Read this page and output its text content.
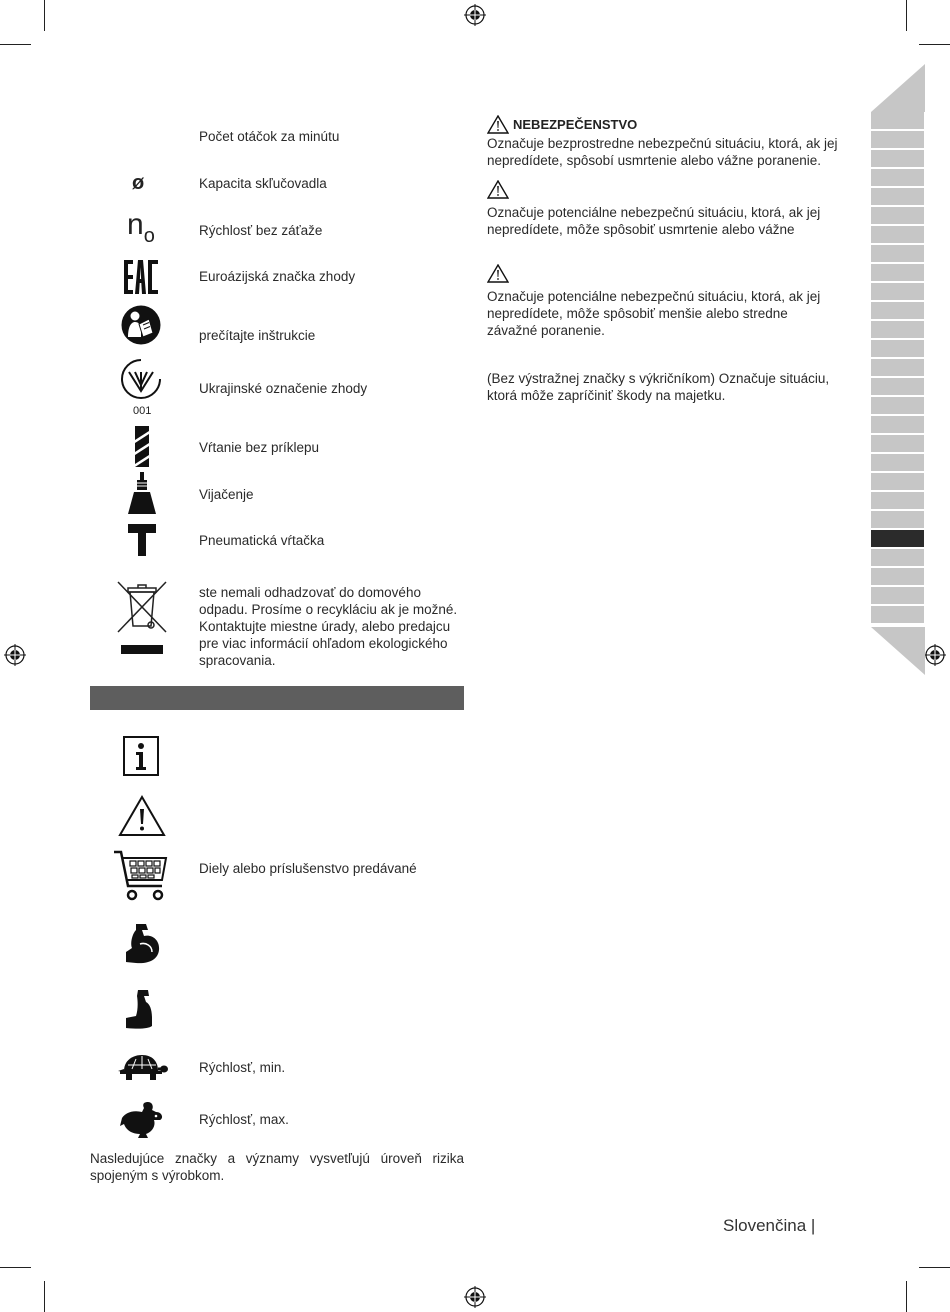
Počet otáčok za minútu
ø	Kapacita skľučovadla
$n_o$	Rýchlosť bez záťaže
Euroázijská značka zhody
prečítajte inštrukcie
001
Ukrajinské označenie zhody
Vŕtanie bez príklepu
Vijačenje
Pneumatická vŕtačka
ste nemali odhadzovať do domového odpadu. Prosíme o recykláciu ak je možné. Kontaktujte miestne úrady, alebo predajcu pre viac informácií ohľadom ekologického spracovania.
Diely alebo príslušenstvo predávané
Rýchlosť, min.
Rýchlosť, max.
Nasledujúce značky a významy vysvetľujú úroveň rizika spojeným s výrobkom.
NEBEZPEČENSTVO
Označuje bezprostredne nebezpečnú situáciu, ktorá, ak jej nepredídete, spôsobí usmrtenie alebo vážne poranenie.
Označuje potenciálne nebezpečnú situáciu, ktorá, ak jej nepredídete, môže spôsobiť usmrtenie alebo vážne
Označuje potenciálne nebezpečnú situáciu, ktorá, ak jej nepredídete, môže spôsobiť menšie alebo stredne závažné poranenie.
(Bez výstražnej značky s výkričníkom) Označuje situáciu, ktorá môže zapríčiniť škody na majetku.
Slovenčina |
